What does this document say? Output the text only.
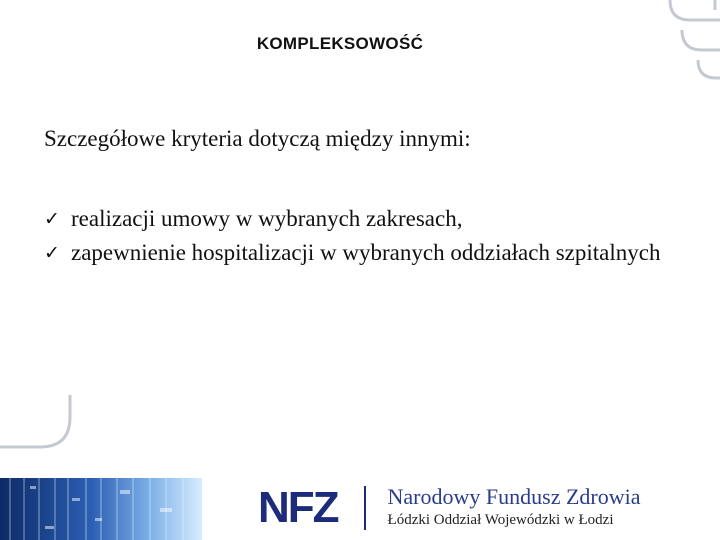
KOMPLEKSOWOŚĆ
Szczegółowe kryteria dotyczą między innymi:
✓ realizacji umowy w wybranych zakresach,
✓ zapewnienie hospitalizacji w wybranych oddziałach szpitalnych
NFZ Narodowy Fundusz Zdrowia
Łódzki Oddział Wojewódzki w Łodzi
